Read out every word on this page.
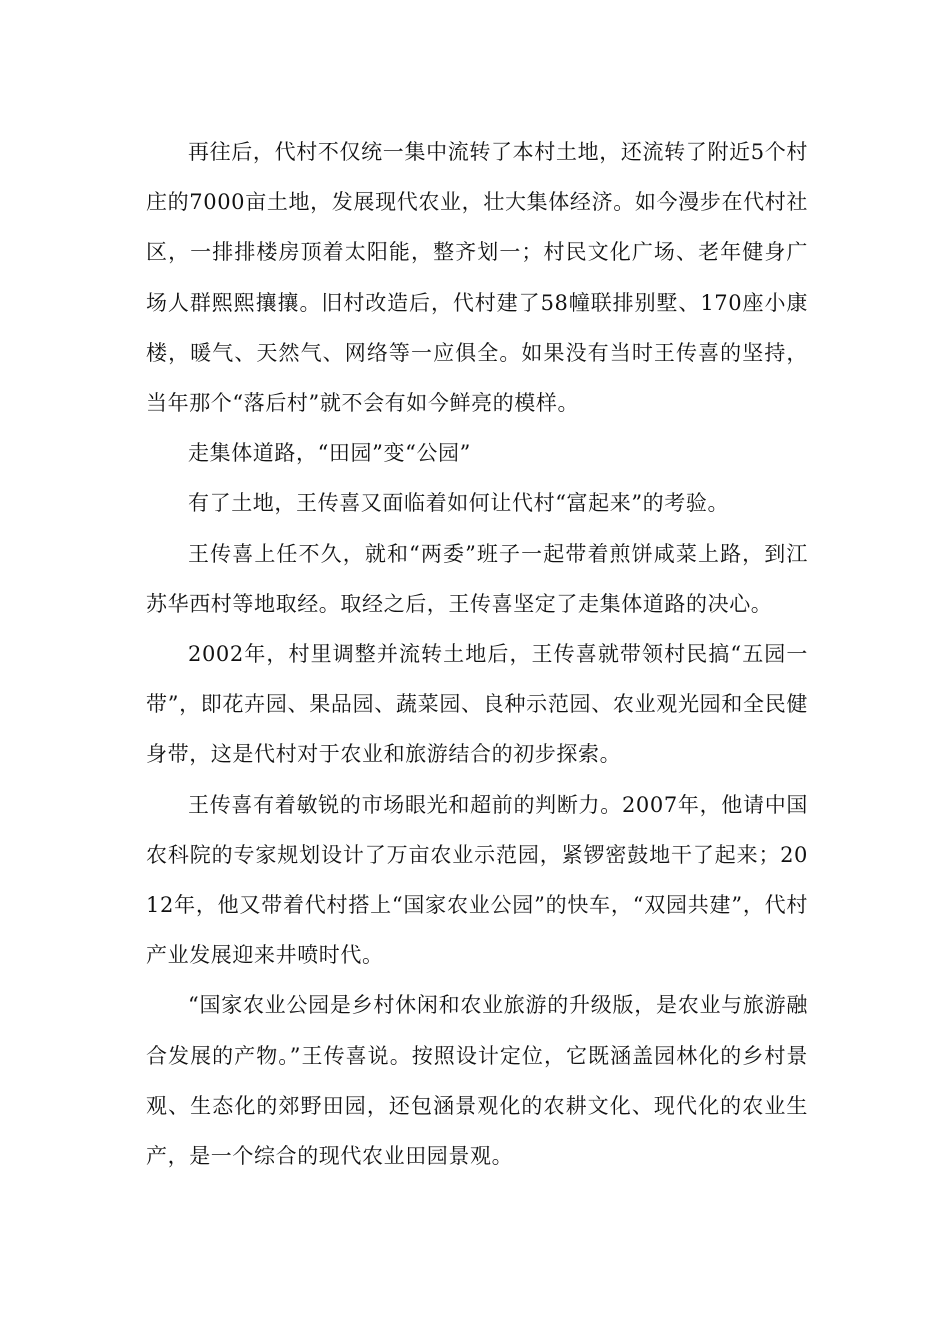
再往后，代村不仅统一集中流转了本村土地，还流转了附近5个村庄的7000亩土地，发展现代农业，壮大集体经济。如今漫步在代村社区，一排排楼房顶着太阳能，整齐划一；村民文化广场、老年健身广场人群熙熙攘攘。旧村改造后，代村建了58幢联排别墅、170座小康楼，暖气、天然气、网络等一应俱全。如果没有当时王传喜的坚持，当年那个“落后村”就不会有如今鲜亮的模样。

走集体道路，“田园”变“公园”

有了土地，王传喜又面临着如何让代村“富起来”的考验。

王传喜上任不久，就和“两委”班子一起带着煎饼咸菜上路，到江苏华西村等地取经。取经之后，王传喜坚定了走集体道路的决心。

2002年，村里调整并流转土地后，王传喜就带领村民搞“五园一带”，即花卉园、果品园、蔬菜园、良种示范园、农业观光园和全民健身带，这是代村对于农业和旅游结合的初步探索。

王传喜有着敏锐的市场眼光和超前的判断力。2007年，他请中国农科院的专家规划设计了万亩农业示范园，紧锣密鼓地干了起来；2012年，他又带着代村搭上“国家农业公园”的快车，“双园共建”，代村产业发展迎来井喷时代。

“国家农业公园是乡村休闲和农业旅游的升级版，是农业与旅游融合发展的产物。”王传喜说。按照设计定位，它既涵盖园林化的乡村景观、生态化的郊野田园，还包涵景观化的农耕文化、现代化的农业生产，是一个综合的现代农业田园景观。
